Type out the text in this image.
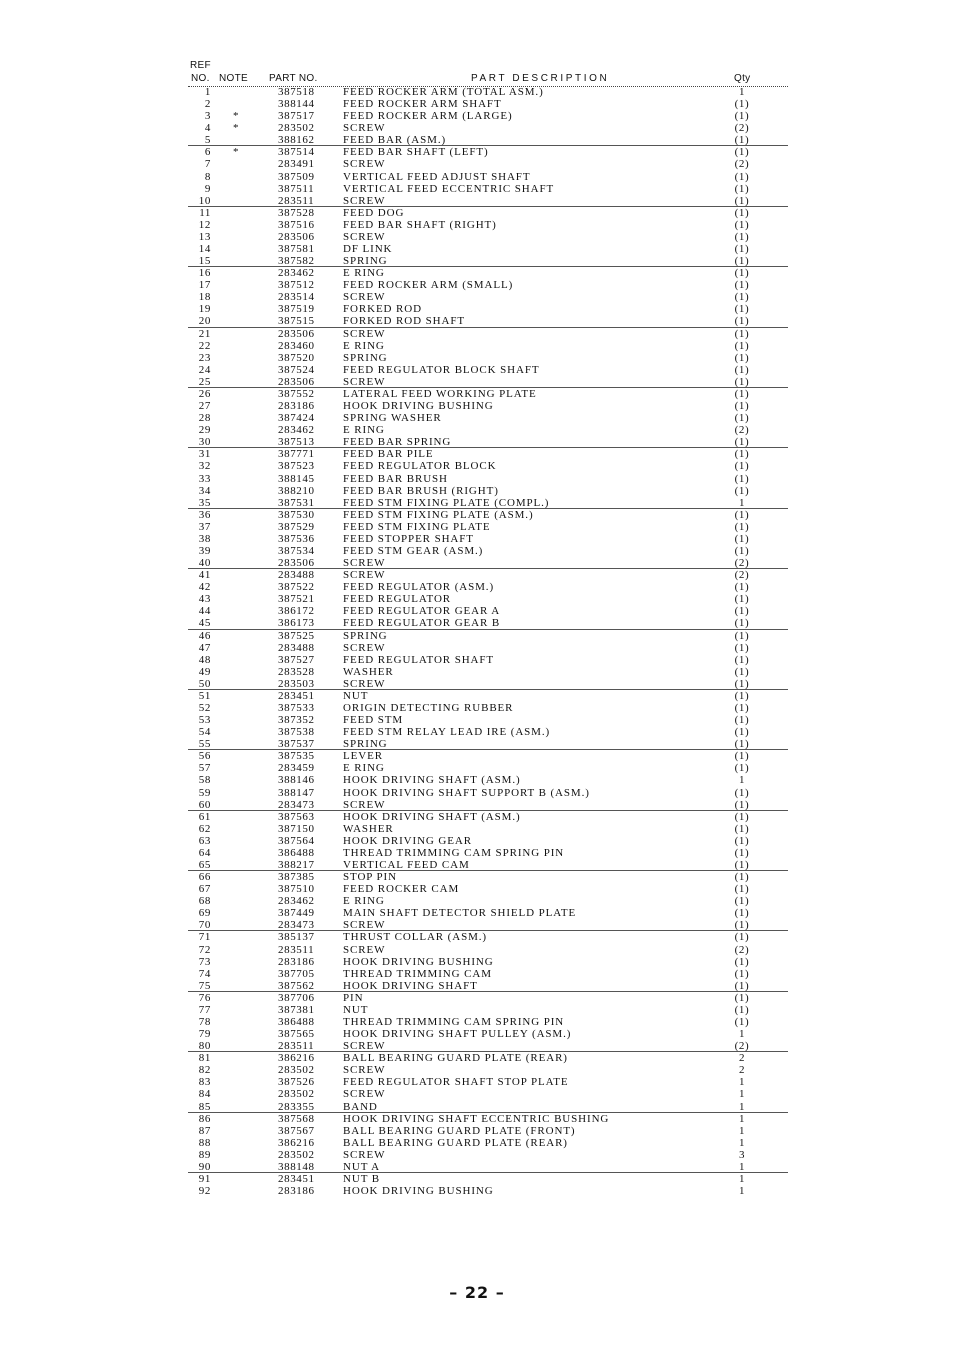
REF
NO. NOTE PART NO.	PART DESCRIPTION	Qty
1	387518	FEED ROCKER ARM (TOTAL ASM.)	1
2	388144	FEED ROCKER ARM SHAFT	(1)
3 *	387517	FEED ROCKER ARM (LARGE)	(1)
4 *	283502	SCREW	(2)
5	388162	FEED BAR (ASM.)	(1)
6 *	387514	FEED BAR SHAFT (LEFT)	(1)
7	283491	SCREW	(2)
8	387509	VERTICAL FEED ADJUST SHAFT	(1)
9	387511	VERTICAL FEED ECCENTRIC SHAFT	(1)
10	283511	SCREW	(1)
11	387528	FEED DOG	(1)
12	387516	FEED BAR SHAFT (RIGHT)	(1)
13	283506	SCREW	(1)
14	387581	DF LINK	(1)
15	387582	SPRING	(1)
16	283462	E RING	(1)
17	387512	FEED ROCKER ARM (SMALL)	(1)
18	283514	SCREW	(1)
19	387519	FORKED ROD	(1)
20	387515	FORKED ROD SHAFT	(1)
21	283506	SCREW	(1)
22	283460	E RING	(1)
23	387520	SPRING	(1)
24	387524	FEED REGULATOR BLOCK SHAFT	(1)
25	283506	SCREW	(1)
26	387552	LATERAL FEED WORKING PLATE	(1)
27	283186	HOOK DRIVING BUSHING	(1)
28	387424	SPRING WASHER	(1)
29	283462	E RING	(2)
30	387513	FEED BAR SPRING	(1)
31	387771	FEED BAR PILE	(1)
32	387523	FEED REGULATOR BLOCK	(1)
33	388145	FEED BAR BRUSH	(1)
34	388210	FEED BAR BRUSH (RIGHT)	(1)
35	387531	FEED STM FIXING PLATE (COMPL.)	1
36	387530	FEED STM FIXING PLATE (ASM.)	(1)
37	387529	FEED STM FIXING PLATE	(1)
38	387536	FEED STOPPER SHAFT	(1)
39	387534	FEED STM GEAR (ASM.)	(1)
40	283506	SCREW	(2)
41	283488	SCREW	(2)
42	387522	FEED REGULATOR (ASM.)	(1)
43	387521	FEED REGULATOR	(1)
44	386172	FEED REGULATOR GEAR A	(1)
45	386173	FEED REGULATOR GEAR B	(1)
46	387525	SPRING	(1)
47	283488	SCREW	(1)
48	387527	FEED REGULATOR SHAFT	(1)
49	283528	WASHER	(1)
50	283503	SCREW	(1)
51	283451	NUT	(1)
52	387533	ORIGIN DETECTING RUBBER	(1)
53	387352	FEED STM	(1)
54	387538	FEED STM RELAY LEAD IRE (ASM.)	(1)
55	387537	SPRING	(1)
56	387535	LEVER	(1)
57	283459	E RING	(1)
58	388146	HOOK DRIVING SHAFT (ASM.)	1
59	388147	HOOK DRIVING SHAFT SUPPORT B (ASM.)	(1)
60	283473	SCREW	(1)
61	387563	HOOK DRIVING SHAFT (ASM.)	(1)
62	387150	WASHER	(1)
63	387564	HOOK DRIVING GEAR	(1)
64	386488	THREAD TRIMMING CAM SPRING PIN	(1)
65	388217	VERTICAL FEED CAM	(1)
66	387385	STOP PIN	(1)
67	387510	FEED ROCKER CAM	(1)
68	283462	E RING	(1)
69	387449	MAIN SHAFT DETECTOR SHIELD PLATE	(1)
70	283473	SCREW	(1)
71	385137	THRUST COLLAR (ASM.)	(1)
72	283511	SCREW	(2)
73	283186	HOOK DRIVING BUSHING	(1)
74	387705	THREAD TRIMMING CAM	(1)
75	387562	HOOK DRIVING SHAFT	(1)
76	387706	PIN	(1)
77	387381	NUT	(1)
78	386488	THREAD TRIMMING CAM SPRING PIN	(1)
79	387565	HOOK DRIVING SHAFT PULLEY (ASM.)	1
80	283511	SCREW	(2)
81	386216	BALL BEARING GUARD PLATE (REAR)	2
82	283502	SCREW	2
83	387526	FEED REGULATOR SHAFT STOP PLATE	1
84	283502	SCREW	1
85	283355	BAND	1
86	387568	HOOK DRIVING SHAFT ECCENTRIC BUSHING	1
87	387567	BALL BEARING GUARD PLATE (FRONT)	1
88	386216	BALL BEARING GUARD PLATE (REAR)	1
89	283502	SCREW	3
90	388148	NUT A	1
91	283451	NUT B	1
92	283186	HOOK DRIVING BUSHING	1
– 22 –
